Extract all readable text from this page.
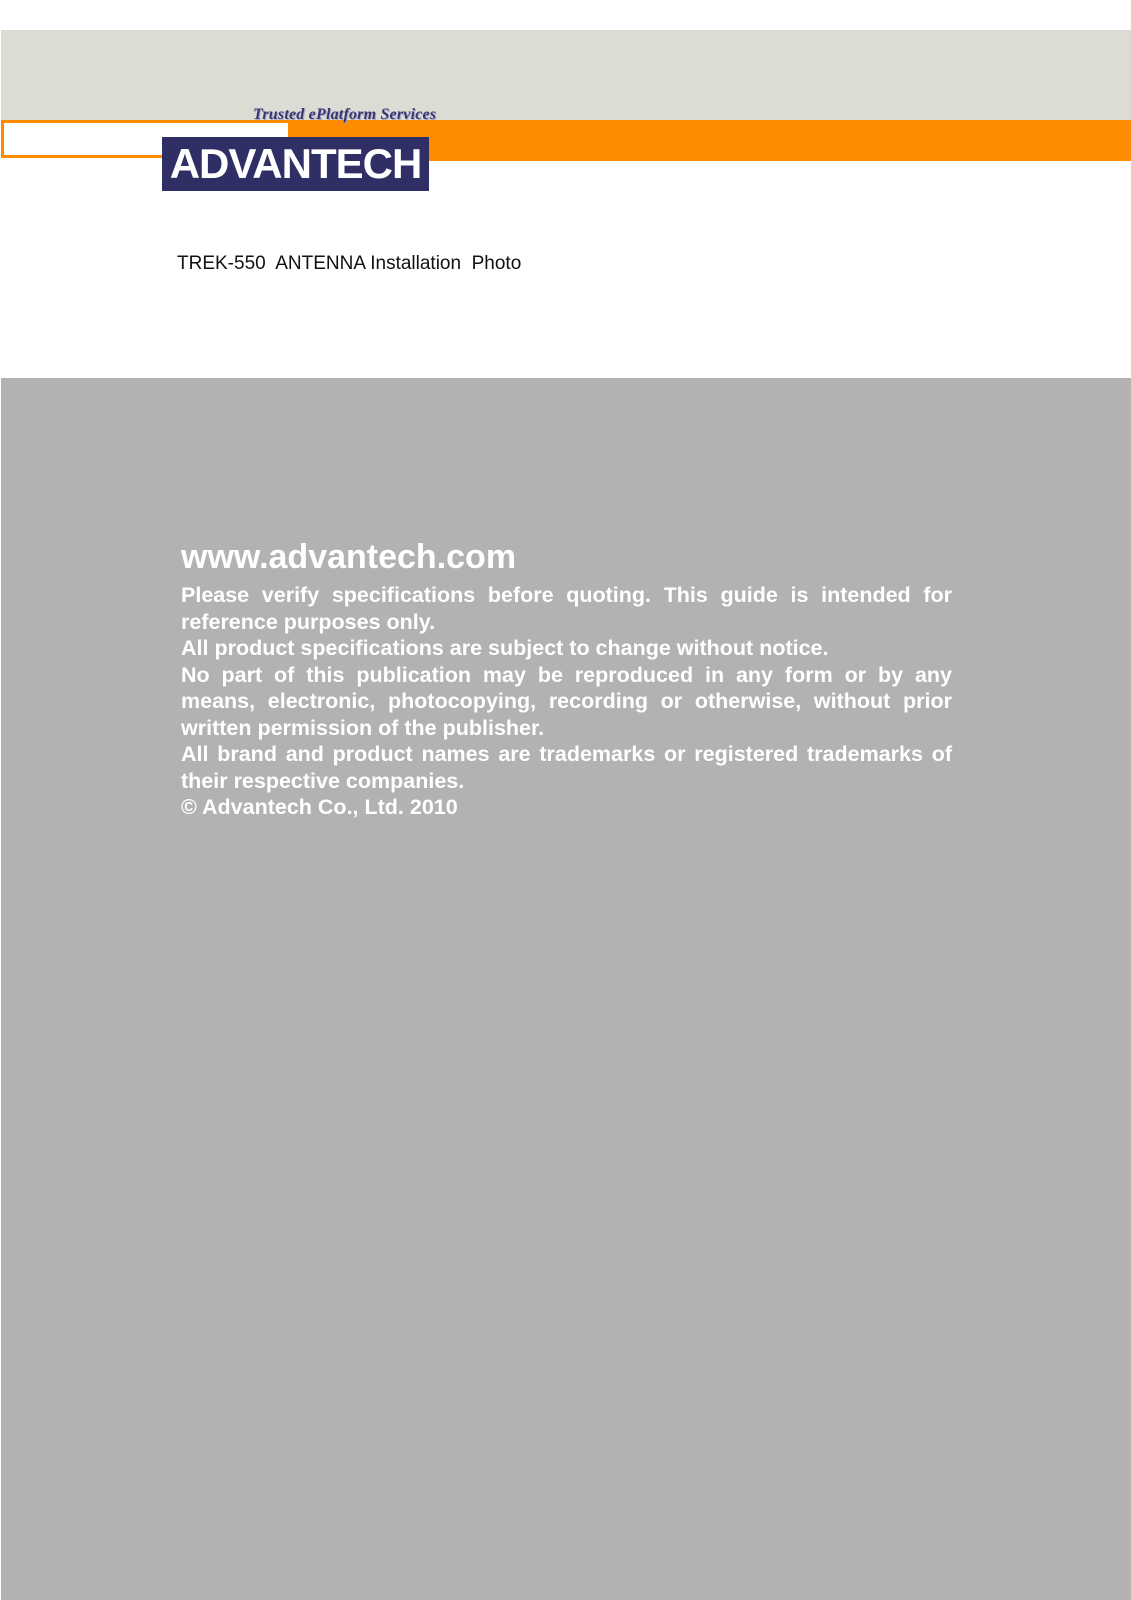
Trusted ePlatform Services
ADVANTECH
TREK-550  ANTENNA Installation  Photo
www.advantech.com

Please verify specifications before quoting. This guide is intended for reference purposes only.

All product specifications are subject to change without notice.

No part of this publication may be reproduced in any form or by any means, electronic, photocopying, recording or otherwise, without prior written permission of the publisher.

All brand and product names are trademarks or registered trademarks of their respective companies.

© Advantech Co., Ltd. 2010
